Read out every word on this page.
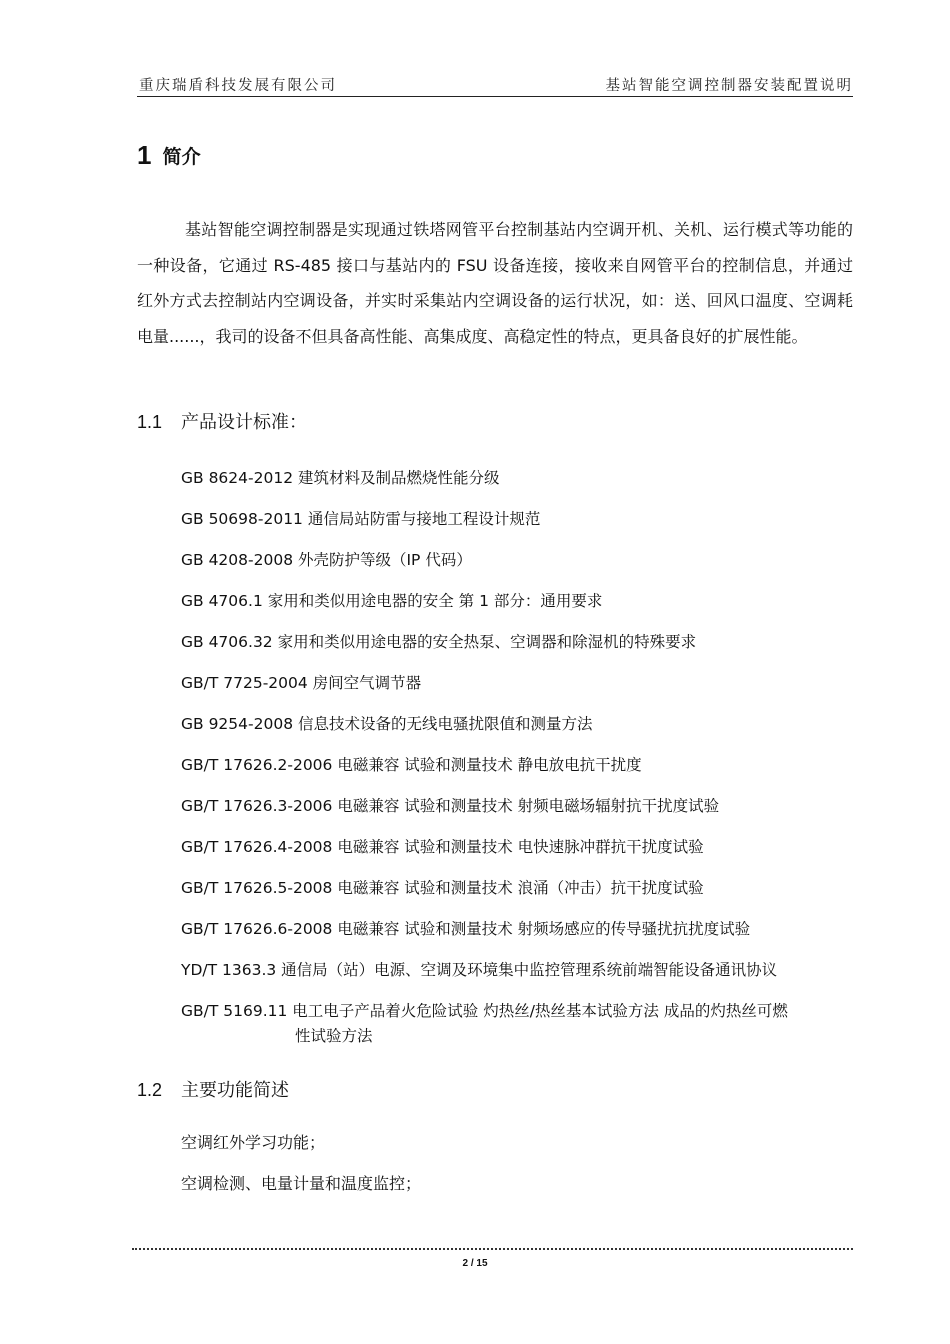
重庆瑞盾科技发展有限公司	基站智能空调控制器安装配置说明
1 简介
基站智能空调控制器是实现通过铁塔网管平台控制基站内空调开机、关机、运行模式等功能的一种设备，它通过 RS-485 接口与基站内的 FSU 设备连接，接收来自网管平台的控制信息，并通过红外方式去控制站内空调设备，并实时采集站内空调设备的运行状况，如：送、回风口温度、空调耗电量......，我司的设备不但具备高性能、高集成度、高稳定性的特点，更具备良好的扩展性能。
1.1 产品设计标准：
GB 8624-2012 建筑材料及制品燃烧性能分级
GB 50698-2011 通信局站防雷与接地工程设计规范
GB 4208-2008 外壳防护等级（IP 代码）
GB 4706.1 家用和类似用途电器的安全 第 1 部分：通用要求
GB 4706.32 家用和类似用途电器的安全热泵、空调器和除湿机的特殊要求
GB/T 7725-2004 房间空气调节器
GB 9254-2008 信息技术设备的无线电骚扰限值和测量方法
GB/T 17626.2-2006 电磁兼容 试验和测量技术 静电放电抗干扰度
GB/T 17626.3-2006 电磁兼容 试验和测量技术 射频电磁场辐射抗干扰度试验
GB/T 17626.4-2008 电磁兼容 试验和测量技术 电快速脉冲群抗干扰度试验
GB/T 17626.5-2008 电磁兼容 试验和测量技术 浪涌（冲击）抗干扰度试验
GB/T 17626.6-2008 电磁兼容 试验和测量技术 射频场感应的传导骚扰抗扰度试验
YD/T 1363.3 通信局（站）电源、空调及环境集中监控管理系统前端智能设备通讯协议
GB/T 5169.11 电工电子产品着火危险试验 灼热丝/热丝基本试验方法 成品的灼热丝可燃
性试验方法
1.2 主要功能简述
空调红外学习功能；
空调检测、电量计量和温度监控；
2 / 15
